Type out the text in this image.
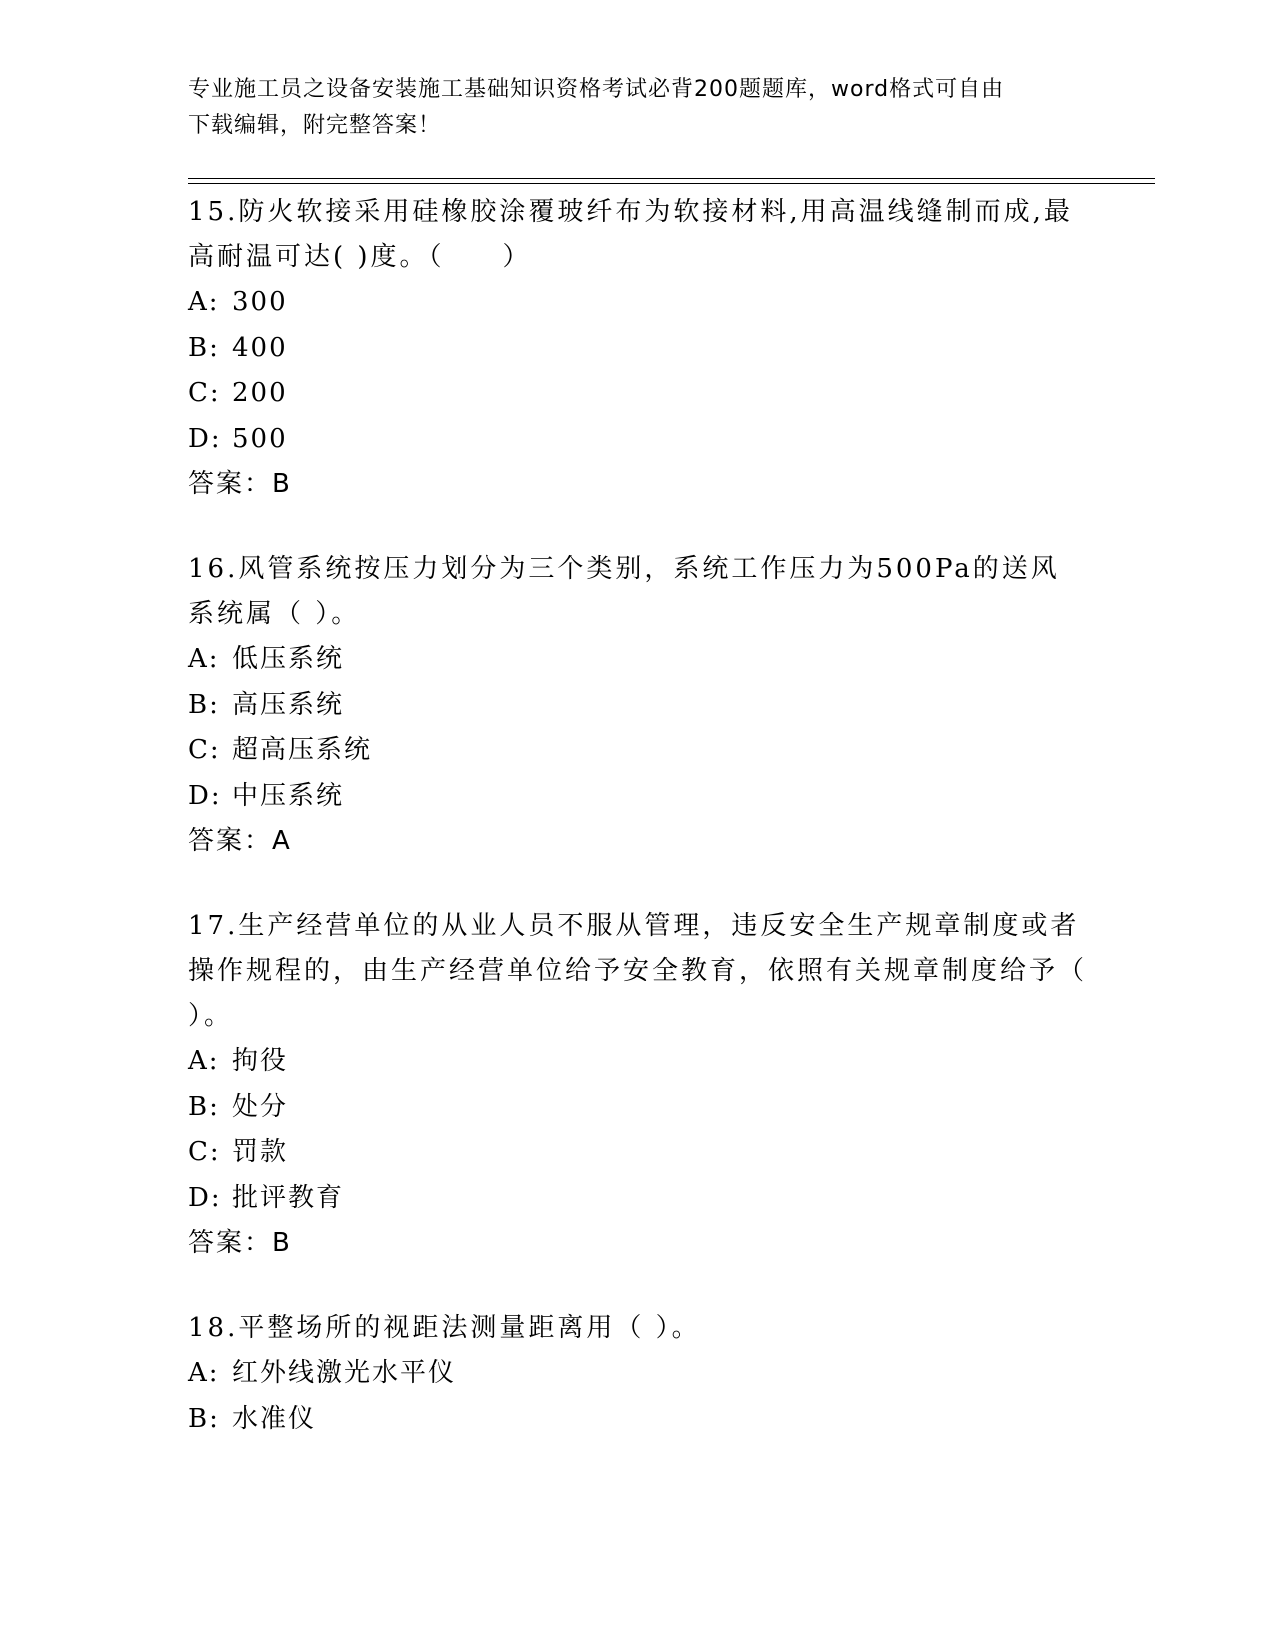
专业施工员之设备安装施工基础知识资格考试必背200题题库，word格式可自由
下载编辑，附完整答案！

15.防火软接采用硅橡胶涂覆玻纤布为软接材料,用高温线缝制而成,最高耐温可达( )度。（　　）

A: 300
B: 400
C: 200
D: 500

答案：B

16.风管系统按压力划分为三个类别，系统工作压力为500Pa的送风系统属（ ）。

A: 低压系统
B: 高压系统
C: 超高压系统
D: 中压系统

答案：A

17.生产经营单位的从业人员不服从管理，违反安全生产规章制度或者操作规程的，由生产经营单位给予安全教育，依照有关规章制度给予（ ）。

A: 拘役
B: 处分
C: 罚款
D: 批评教育

答案：B

18.平整场所的视距法测量距离用（ ）。

A: 红外线激光水平仪
B: 水准仪
